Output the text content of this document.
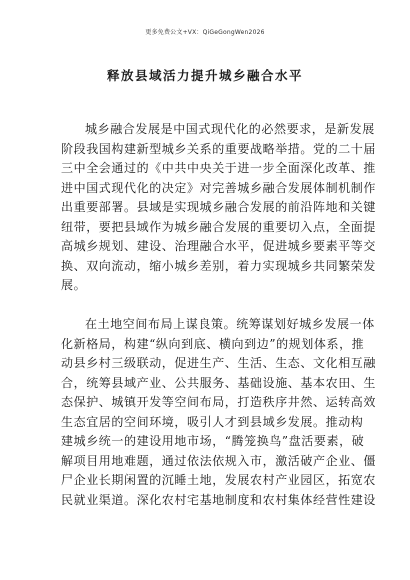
更多免费公文+VX：QiGeGongWen2026
释放县域活力提升城乡融合水平

城乡融合发展是中国式现代化的必然要求，是新发展
阶段我国构建新型城乡关系的重要战略举措。党的二十届
三中全会通过的《中共中央关于进一步全面深化改革、推
进中国式现代化的决定》对完善城乡融合发展体制机制作
出重要部署。县域是实现城乡融合发展的前沿阵地和关键
纽带，要把县域作为城乡融合发展的重要切入点，全面提
高城乡规划、建设、治理融合水平，促进城乡要素平等交
换、双向流动，缩小城乡差别，着力实现城乡共同繁荣发
展。

在土地空间布局上谋良策。统筹谋划好城乡发展一体
化新格局，构建“纵向到底、横向到边”的规划体系，推
动县乡村三级联动，促进生产、生活、生态、文化相互融
合，统筹县域产业、公共服务、基础设施、基本农田、生
态保护、城镇开发等空间布局，打造秩序井然、运转高效
生态宜居的空间环境，吸引人才到县域乡发展。推动构
建城乡统一的建设用地市场，“腾笼换鸟”盘活要素，破
解项目用地难题，通过依法依规入市，激活破产企业、僵
尸企业长期闲置的沉睡土地，发展农村产业园区，拓宽农
民就业渠道。深化农村宅基地制度和农村集体经营性建设
